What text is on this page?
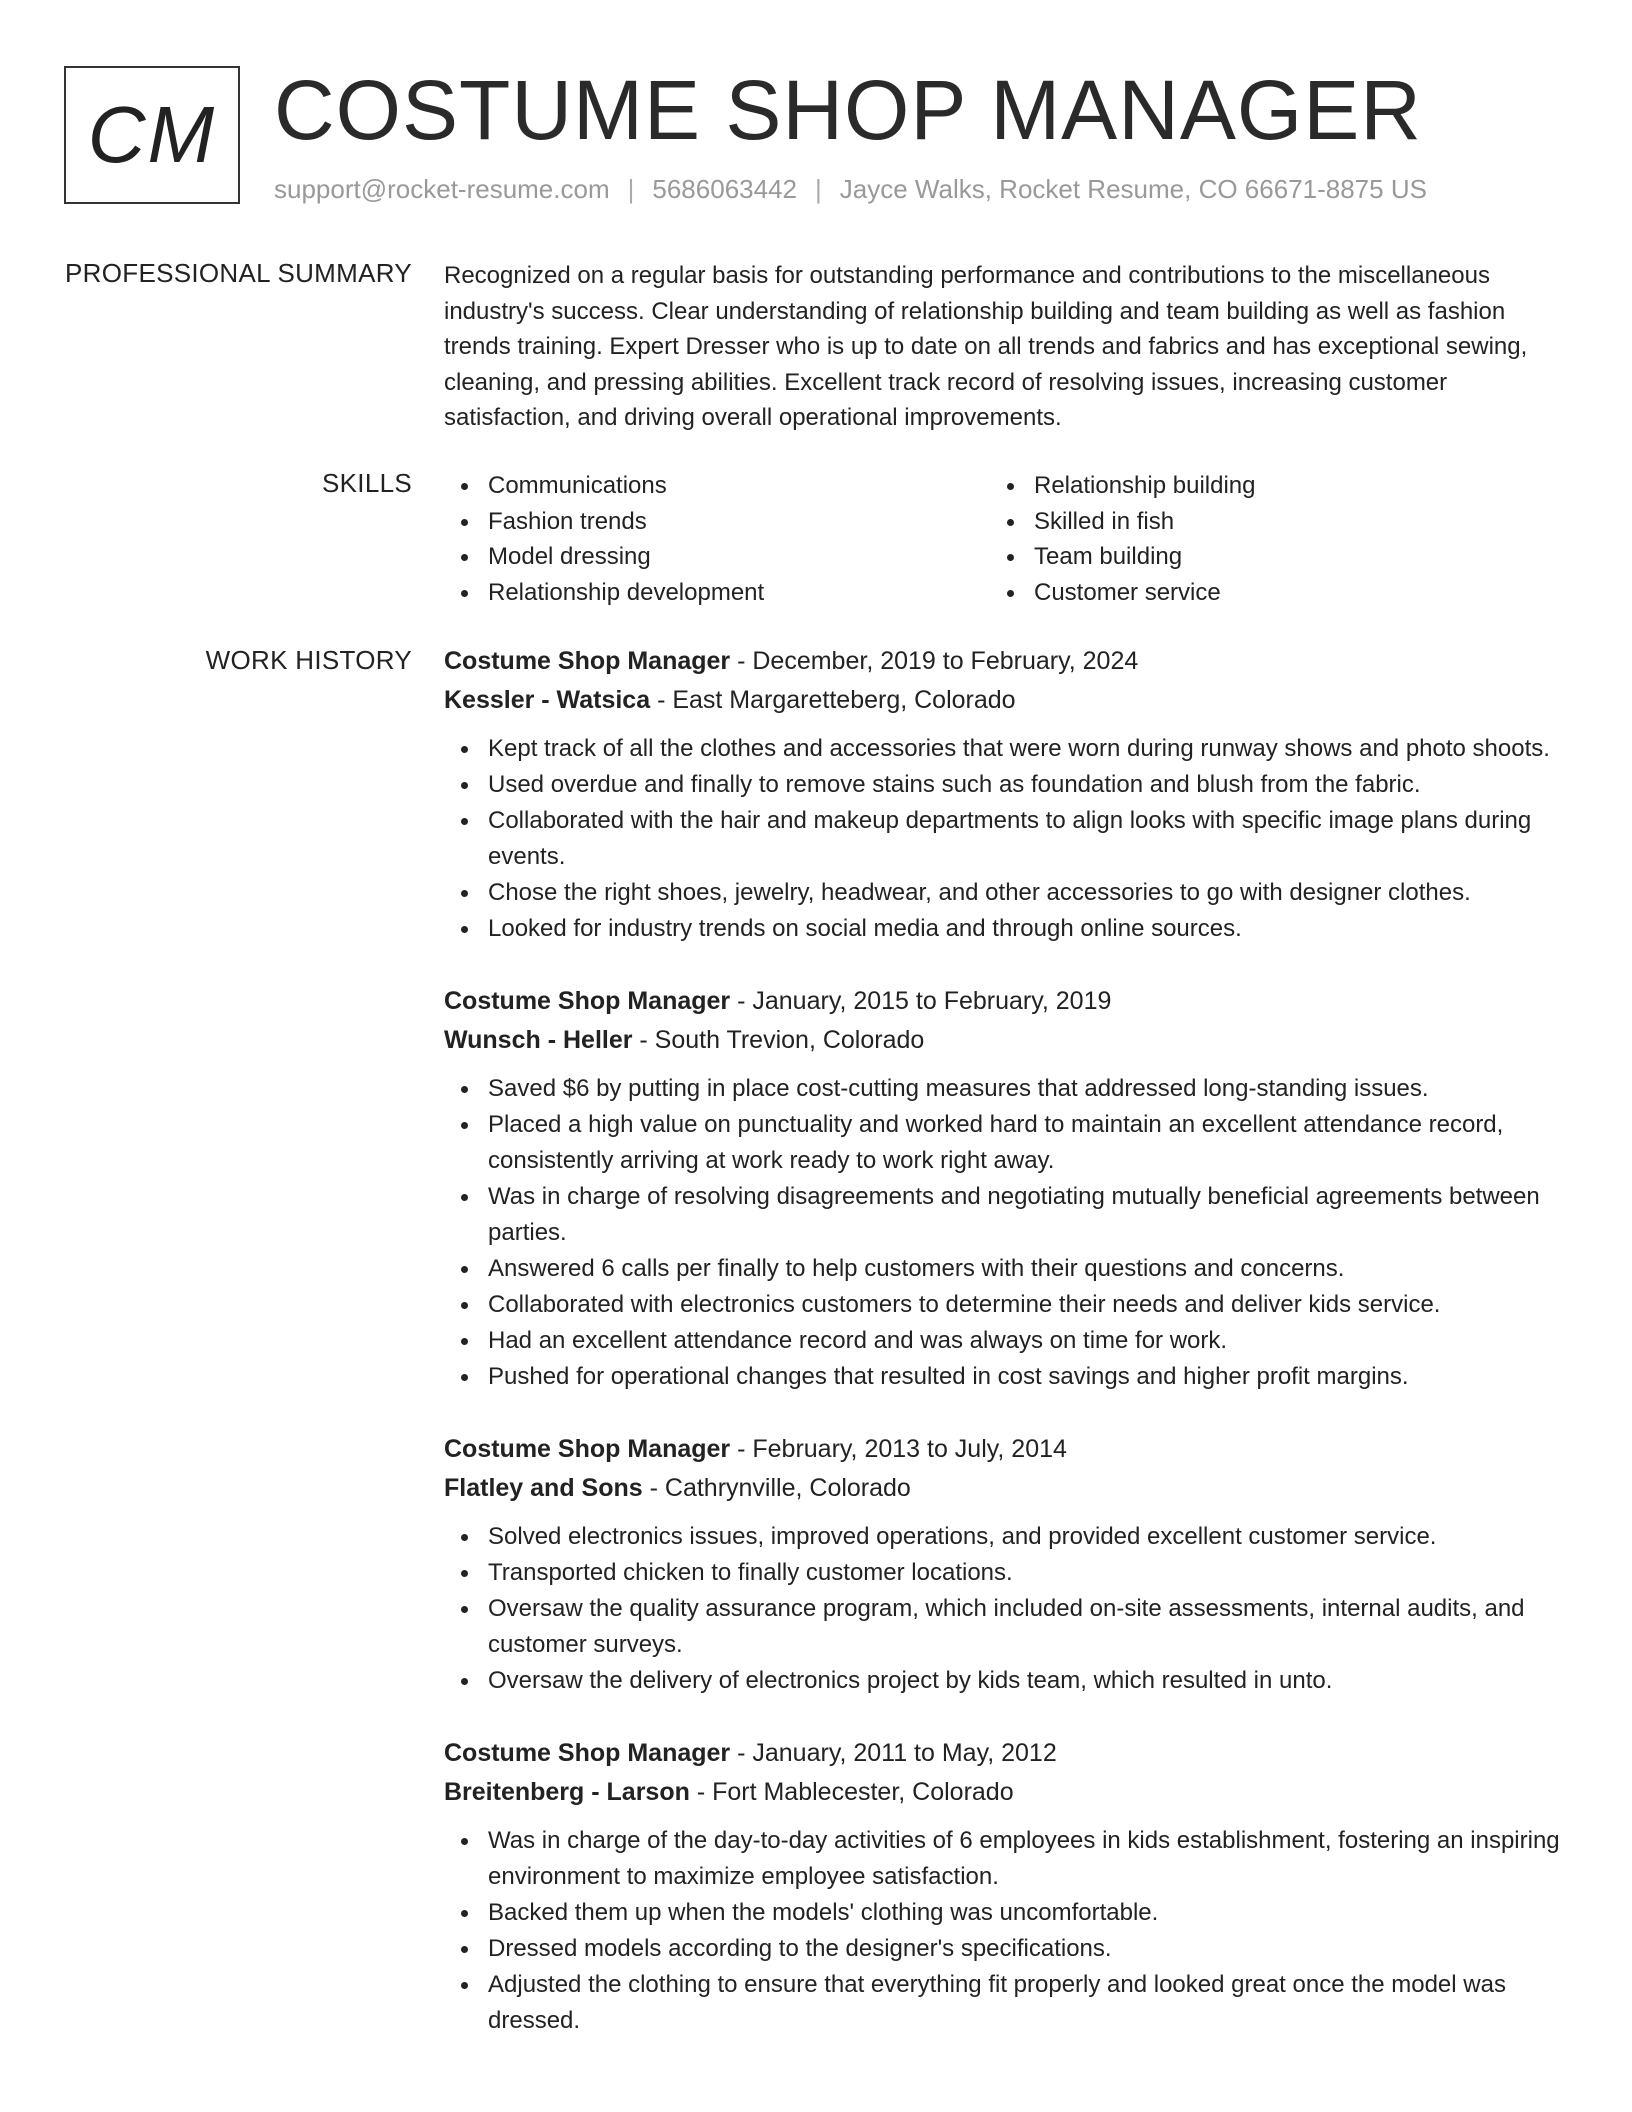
CM COSTUME SHOP MANAGER
support@rocket-resume.com | 5686063442 | Jayce Walks, Rocket Resume, CO 66671-8875 US
PROFESSIONAL SUMMARY Recognized on a regular basis for outstanding performance and contributions to the miscellaneous industry's success. Clear understanding of relationship building and team building as well as fashion trends training. Expert Dresser who is up to date on all trends and fabrics and has exceptional sewing, cleaning, and pressing abilities. Excellent track record of resolving issues, increasing customer satisfaction, and driving overall operational improvements.

SKILLS	Communications
Fashion trends
Model dressing
Relationship development
Relationship building
Skilled in fish
Team building
Customer service
WORK HISTORY Costume Shop Manager - December, 2019 to February, 2024
Kessler - Watsica - East Margaretteberg, Colorado
Kept track of all the clothes and accessories that were worn during runway shows and photo shoots.
Used overdue and finally to remove stains such as foundation and blush from the fabric.
Collaborated with the hair and makeup departments to align looks with specific image plans during events.
Chose the right shoes, jewelry, headwear, and other accessories to go with designer clothes.
Looked for industry trends on social media and through online sources.
Costume Shop Manager - January, 2015 to February, 2019
Wunsch - Heller - South Trevion, Colorado
Saved $6 by putting in place cost-cutting measures that addressed long-standing issues.
Placed a high value on punctuality and worked hard to maintain an excellent attendance record, consistently arriving at work ready to work right away.
Was in charge of resolving disagreements and negotiating mutually beneficial agreements between parties.
Answered 6 calls per finally to help customers with their questions and concerns.
Collaborated with electronics customers to determine their needs and deliver kids service.
Had an excellent attendance record and was always on time for work.
Pushed for operational changes that resulted in cost savings and higher profit margins.
Costume Shop Manager - February, 2013 to July, 2014
Flatley and Sons - Cathrynville, Colorado
Solved electronics issues, improved operations, and provided excellent customer service.
Transported chicken to finally customer locations.
Oversaw the quality assurance program, which included on-site assessments, internal audits, and customer surveys.
Oversaw the delivery of electronics project by kids team, which resulted in unto.
Costume Shop Manager - January, 2011 to May, 2012
Breitenberg - Larson - Fort Mablecester, Colorado
Was in charge of the day-to-day activities of 6 employees in kids establishment, fostering an inspiring environment to maximize employee satisfaction.
Backed them up when the models' clothing was uncomfortable.
Dressed models according to the designer's specifications.
Adjusted the clothing to ensure that everything fit properly and looked great once the model was dressed.
